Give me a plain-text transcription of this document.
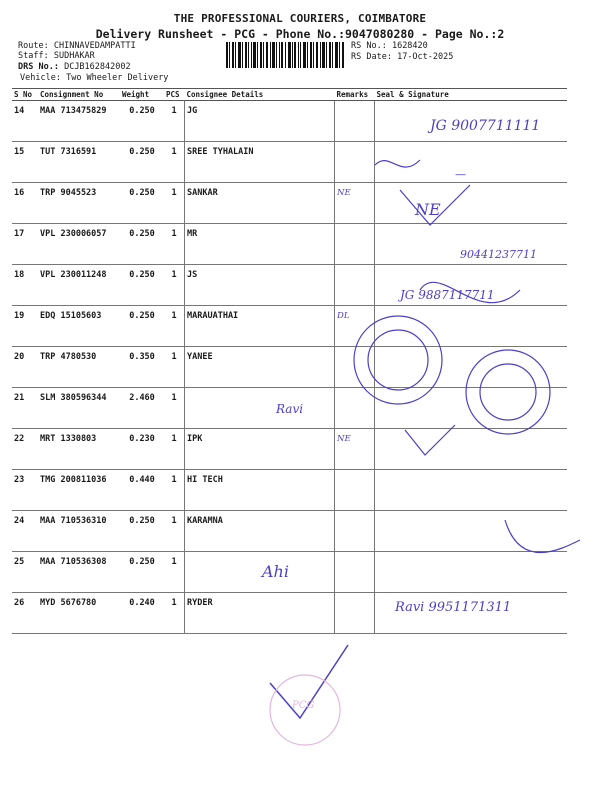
THE PROFESSIONAL COURIERS, COIMBATORE
Delivery Runsheet - PCG - Phone No.:9047080280 - Page No.:2
Route: CHINNAVEDAMPATTI
Staff: SUDHAKAR
DRS No.: DCJB162842002
Vehicle: Two Wheeler Delivery
RS No.: 1628420
RS Date: 17-Oct-2025
S No	Consignment No	Weight	PCS	Consignee Details	Remarks	Seal & Signature
14	MAA 713475829	0.250	1	JG		
15	TUT 7316591	0.250	1	SREE TYHALAIN		
16	TRP 9045523	0.250	1	SANKAR	NE	
17	VPL 230006057	0.250	1	MR		
18	VPL 230011248	0.250	1	JS		
19	EDQ 15105603	0.250	1	MARAUATHAI	DL	
20	TRP 4780530	0.350	1	YANEE		
21	SLM 380596344	2.460	1			
22	MRT 1330803	0.230	1	IPK	NE	
23	TMG 200811036	0.440	1	HI TECH		
24	MAA 710536310	0.250	1	KARAMNA		
25	MAA 710536308	0.250	1			
26	MYD 5676780	0.240	1	RYDER		
JG 9007711111
—
NE
90441237711
JG 9887117711
Ravi
Ahi
Ravi 9951171311
PCG
